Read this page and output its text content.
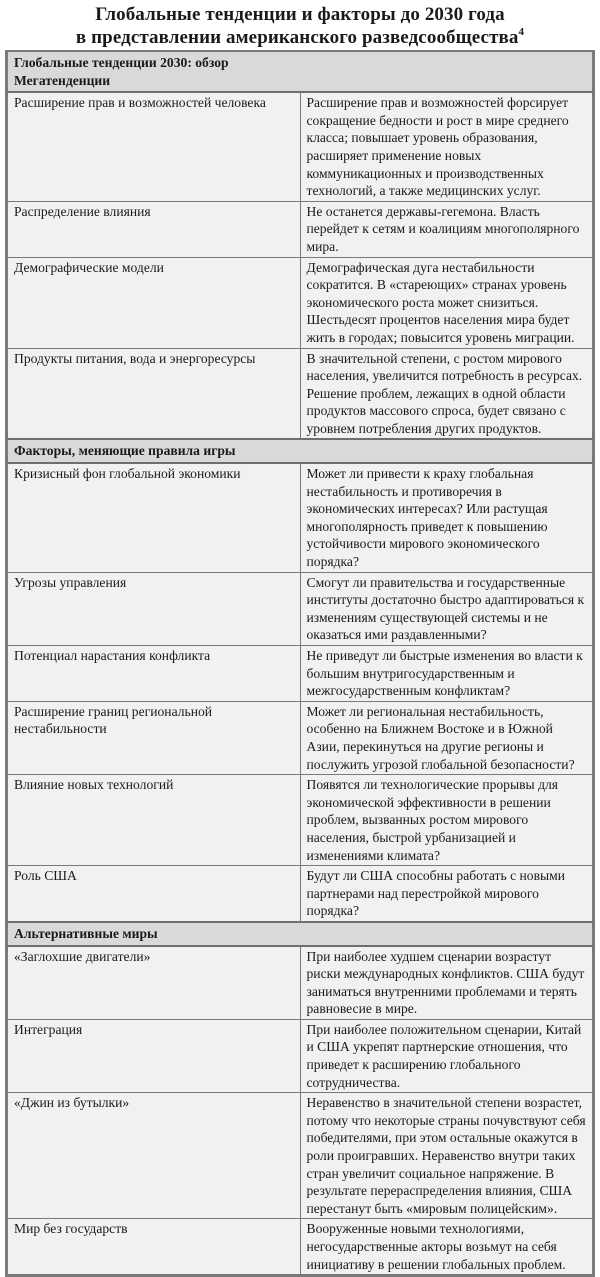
Глобальные тенденции и факторы до 2030 года
в представлении американского разведсообщества$^4$
Глобальные тенденции 2030: обзор
Мегатенденции	

Расширение прав и возможностей человека	Расширение прав и возможностей форсирует сокращение бедности и рост в мире среднего класса; повышает уровень образования, расширяет применение новых коммуникационных и производственных технологий, а также медицинских услуг.
Распределение влияния	Не останется державы-гегемона. Власть перейдет к сетям и коалициям многополярного мира.
Демографические модели	Демографическая дуга нестабильности сократится. В «стареющих» странах уровень экономического роста может снизиться. Шестьдесят процентов населения мира будет жить в городах; повысится уровень миграции.
Продукты питания, вода и энергоресурсы	В значительной степени, с ростом мирового населения, увеличится потребность в ресурсах. Решение проблем, лежащих в одной области продуктов массового спроса, будет связано с уровнем потребления других продуктов.
Факторы, меняющие правила игры	
Кризисный фон глобальной экономики	Может ли привести к краху глобальная нестабильность и противоречия в экономических интересах? Или растущая многополярность приведет к повышению устойчивости мирового экономического порядка?
Угрозы управления	Смогут ли правительства и государственные институты достаточно быстро адаптироваться к изменениям существующей системы и не оказаться ими раздавленными?
Потенциал нарастания конфликта	Не приведут ли быстрые изменения во власти к большим внутригосударственным и межгосударственным конфликтам?
Расширение границ региональной нестабильности	Может ли региональная нестабильность, особенно на Ближнем Востоке и в Южной Азии, перекинуться на другие регионы и послужить угрозой глобальной безопасности?
Влияние новых технологий	Появятся ли технологические прорывы для экономической эффективности в решении проблем, вызванных ростом мирового населения, быстрой урбанизацией и изменениями климата?
Роль США	Будут ли США способны работать с новыми партнерами над перестройкой мирового порядка?
Альтернативные миры	
«Заглохшие двигатели»	При наиболее худшем сценарии возрастут риски международных конфликтов. США будут заниматься внутренними проблемами и терять равновесие в мире.
Интеграция	При наиболее положительном сценарии, Китай и США укрепят партнерские отношения, что приведет к расширению глобального сотрудничества.
«Джин из бутылки»	Неравенство в значительной степени возрастет, потому что некоторые страны почувствуют себя победителями, при этом остальные окажутся в роли проигравших. Неравенство внутри таких стран увеличит социальное напряжение. В результате перераспределения влияния, США перестанут быть «мировым полицейским».
Мир без государств	Вооруженные новыми технологиями, негосударственные акторы возьмут на себя инициативу в решении глобальных проблем.
